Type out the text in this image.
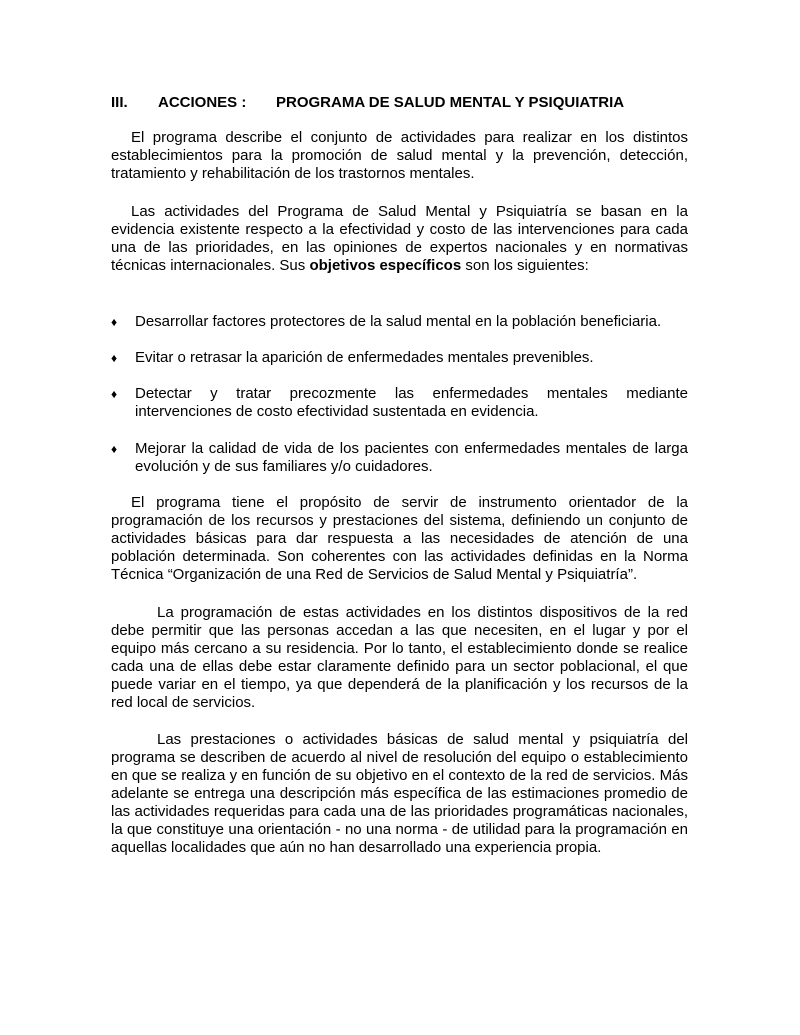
III. ACCIONES : PROGRAMA DE SALUD MENTAL Y PSIQUIATRIA

El programa describe el conjunto de actividades para realizar en los distintos establecimientos para la promoción de salud mental y la prevención, detección, tratamiento y rehabilitación de los trastornos mentales.

Las actividades del Programa de Salud Mental y Psiquiatría se basan en la evidencia existente respecto a la efectividad y costo de las intervenciones para cada una de las prioridades, en las opiniones de expertos nacionales y en normativas técnicas internacionales. Sus objetivos específicos son los siguientes:

♦	Desarrollar factores protectores de la salud mental en la población beneficiaria.
♦	Evitar o retrasar la aparición de enfermedades mentales prevenibles.
♦	Detectar y tratar precozmente las enfermedades mentales mediante intervenciones de costo efectividad sustentada en evidencia.
♦	Mejorar la calidad de vida de los pacientes con enfermedades mentales de larga evolución y de sus familiares y/o cuidadores.

El programa tiene el propósito de servir de instrumento orientador de la programación de los recursos y prestaciones del sistema, definiendo un conjunto de actividades básicas para dar respuesta a las necesidades de atención de una población determinada. Son coherentes con las actividades definidas en la Norma Técnica “Organización de una Red de Servicios de Salud Mental y Psiquiatría”.

La programación de estas actividades en los distintos dispositivos de la red debe permitir que las personas accedan a las que necesiten, en el lugar y por el equipo más cercano a su residencia. Por lo tanto, el establecimiento donde se realice cada una de ellas debe estar claramente definido para un sector poblacional, el que puede variar en el tiempo, ya que dependerá de la planificación y los recursos de la red local de servicios.

Las prestaciones o actividades básicas de salud mental y psiquiatría del programa se describen de acuerdo al nivel de resolución del equipo o establecimiento en que se realiza y en función de su objetivo en el contexto de la red de servicios. Más adelante se entrega una descripción más específica de las estimaciones promedio de las actividades requeridas para cada una de las prioridades programáticas nacionales, la que constituye una orientación - no una norma - de utilidad para la programación en aquellas localidades que aún no han desarrollado una experiencia propia.
